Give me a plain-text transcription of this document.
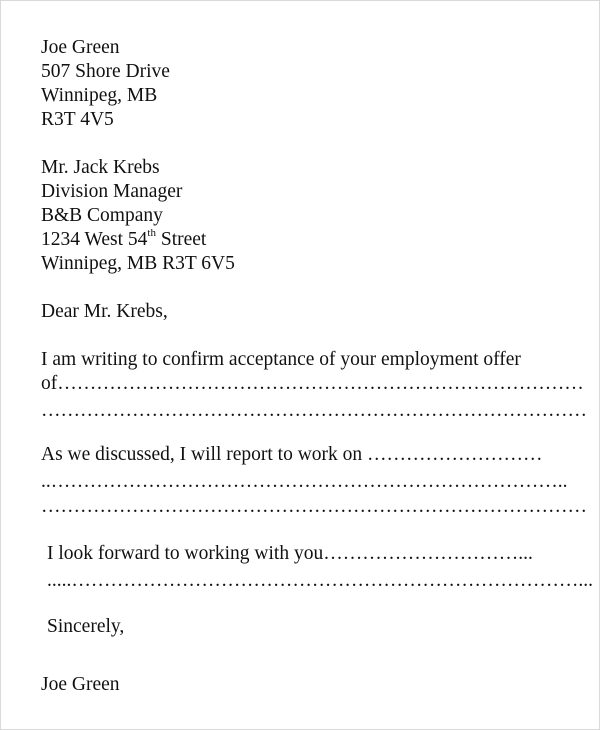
Joe Green
507 Shore Drive
Winnipeg, MB
R3T 4V5
Mr. Jack Krebs
Division Manager
B&B Company
1234 West 54th Street
Winnipeg, MB R3T 6V5
Dear Mr. Krebs,
I am writing to confirm acceptance of your employment offer
of………………………………………………………………………
…………………………………………………………………………
As we discussed, I will report to work on ………………………
..……………………………………………………………………..
…………………………………………………………………………
I look forward to working with you…………………………...
.....……………………………………………………………………...
Sincerely,
Joe Green
